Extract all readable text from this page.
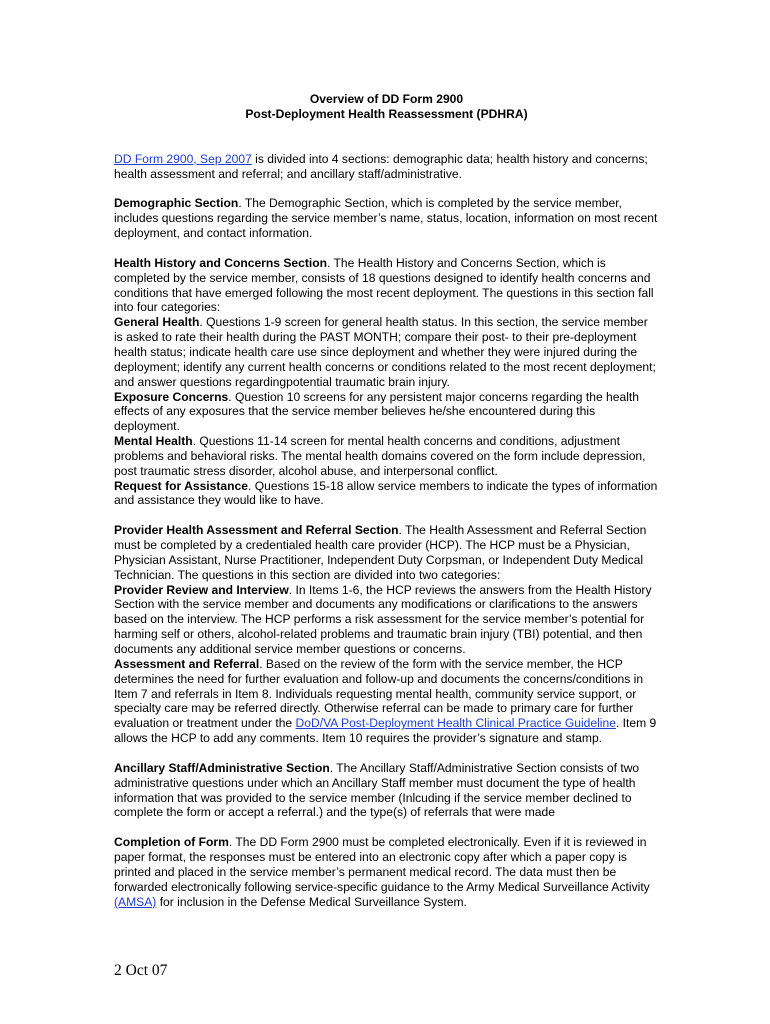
Overview of DD Form 2900

Post-Deployment Health Reassessment (PDHRA)

DD Form 2900, Sep 2007 is divided into 4 sections: demographic data; health history and concerns; health assessment and referral; and ancillary staff/administrative.

Demographic Section. The Demographic Section, which is completed by the service member, includes questions regarding the service member’s name, status, location, information on most recent deployment, and contact information.

Health History and Concerns Section. The Health History and Concerns Section, which is completed by the service member, consists of 18 questions designed to identify health concerns and conditions that have emerged following the most recent deployment. The questions in this section fall into four categories:

General Health. Questions 1-9 screen for general health status. In this section, the service member is asked to rate their health during the PAST MONTH; compare their post- to their pre-deployment health status; indicate health care use since deployment and whether they were injured during the deployment; identify any current health concerns or conditions related to the most recent deployment; and answer questions regardingpotential traumatic brain injury.

Exposure Concerns. Question 10 screens for any persistent major concerns regarding the health effects of any exposures that the service member believes he/she encountered during this deployment.

Mental Health. Questions 11-14 screen for mental health concerns and conditions, adjustment problems and behavioral risks. The mental health domains covered on the form include depression, post traumatic stress disorder, alcohol abuse, and interpersonal conflict.

Request for Assistance. Questions 15-18 allow service members to indicate the types of information and assistance they would like to have.

Provider Health Assessment and Referral Section. The Health Assessment and Referral Section must be completed by a credentialed health care provider (HCP). The HCP must be a Physician, Physician Assistant, Nurse Practitioner, Independent Duty Corpsman, or Independent Duty Medical Technician. The questions in this section are divided into two categories:

Provider Review and Interview. In Items 1-6, the HCP reviews the answers from the Health History Section with the service member and documents any modifications or clarifications to the answers based on the interview. The HCP performs a risk assessment for the service member’s potential for harming self or others, alcohol-related problems and traumatic brain injury (TBI) potential, and then documents any additional service member questions or concerns.

Assessment and Referral. Based on the review of the form with the service member, the HCP determines the need for further evaluation and follow-up and documents the concerns/conditions in Item 7 and referrals in Item 8. Individuals requesting mental health, community service support, or specialty care may be referred directly. Otherwise referral can be made to primary care for further evaluation or treatment under the DoD/VA Post-Deployment Health Clinical Practice Guideline. Item 9 allows the HCP to add any comments. Item 10 requires the provider’s signature and stamp.

Ancillary Staff/Administrative Section. The Ancillary Staff/Administrative Section consists of two administrative questions under which an Ancillary Staff member must document the type of health information that was provided to the service member (Inlcuding if the service member declined to complete the form or accept a referral.) and the type(s) of referrals that were made

Completion of Form. The DD Form 2900 must be completed electronically. Even if it is reviewed in paper format, the responses must be entered into an electronic copy after which a paper copy is printed and placed in the service member’s permanent medical record. The data must then be forwarded electronically following service-specific guidance to the Army Medical Surveillance Activity (AMSA) for inclusion in the Defense Medical Surveillance System.

2 Oct 07
